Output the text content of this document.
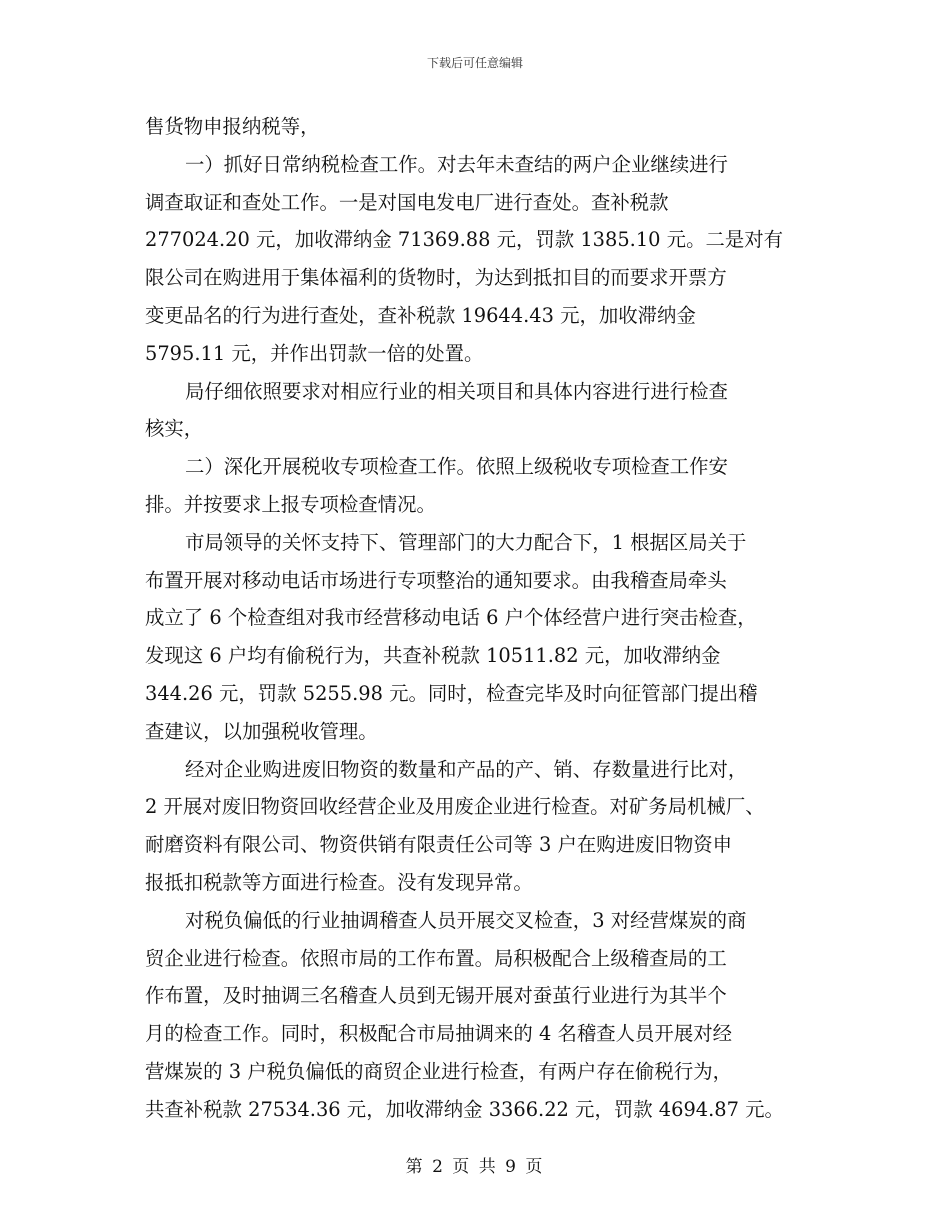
下载后可任意编辑
售货物申报纳税等，
一）抓好日常纳税检查工作。对去年未查结的两户企业继续进行
调查取证和查处工作。一是对国电发电厂进行查处。查补税款
277024.20 元，加收滞纳金 71369.88 元，罚款 1385.10 元。二是对有
限公司在购进用于集体福利的货物时，为达到抵扣目的而要求开票方
变更品名的行为进行查处，查补税款 19644.43 元，加收滞纳金
5795.11 元，并作出罚款一倍的处置。
局仔细依照要求对相应行业的相关项目和具体内容进行进行检查
核实，
二）深化开展税收专项检查工作。依照上级税收专项检查工作安
排。并按要求上报专项检查情况。
市局领导的关怀支持下、管理部门的大力配合下，1 根据区局关于
布置开展对移动电话市场进行专项整治的通知要求。由我稽查局牵头
成立了 6 个检查组对我市经营移动电话 6 户个体经营户进行突击检查，
发现这 6 户均有偷税行为，共查补税款 10511.82 元，加收滞纳金
344.26 元，罚款 5255.98 元。同时，检查完毕及时向征管部门提出稽
查建议，以加强税收管理。
经对企业购进废旧物资的数量和产品的产、销、存数量进行比对，
2 开展对废旧物资回收经营企业及用废企业进行检查。对矿务局机械厂、
耐磨资料有限公司、物资供销有限责任公司等 3 户在购进废旧物资申
报抵扣税款等方面进行检查。没有发现异常。
对税负偏低的行业抽调稽查人员开展交叉检查，3 对经营煤炭的商
贸企业进行检查。依照市局的工作布置。局积极配合上级稽查局的工
作布置，及时抽调三名稽查人员到无锡开展对蚕茧行业进行为其半个
月的检查工作。同时，积极配合市局抽调来的 4 名稽查人员开展对经
营煤炭的 3 户税负偏低的商贸企业进行检查，有两户存在偷税行为，
共查补税款 27534.36 元，加收滞纳金 3366.22 元，罚款 4694.87 元。
第 2 页 共 9 页
